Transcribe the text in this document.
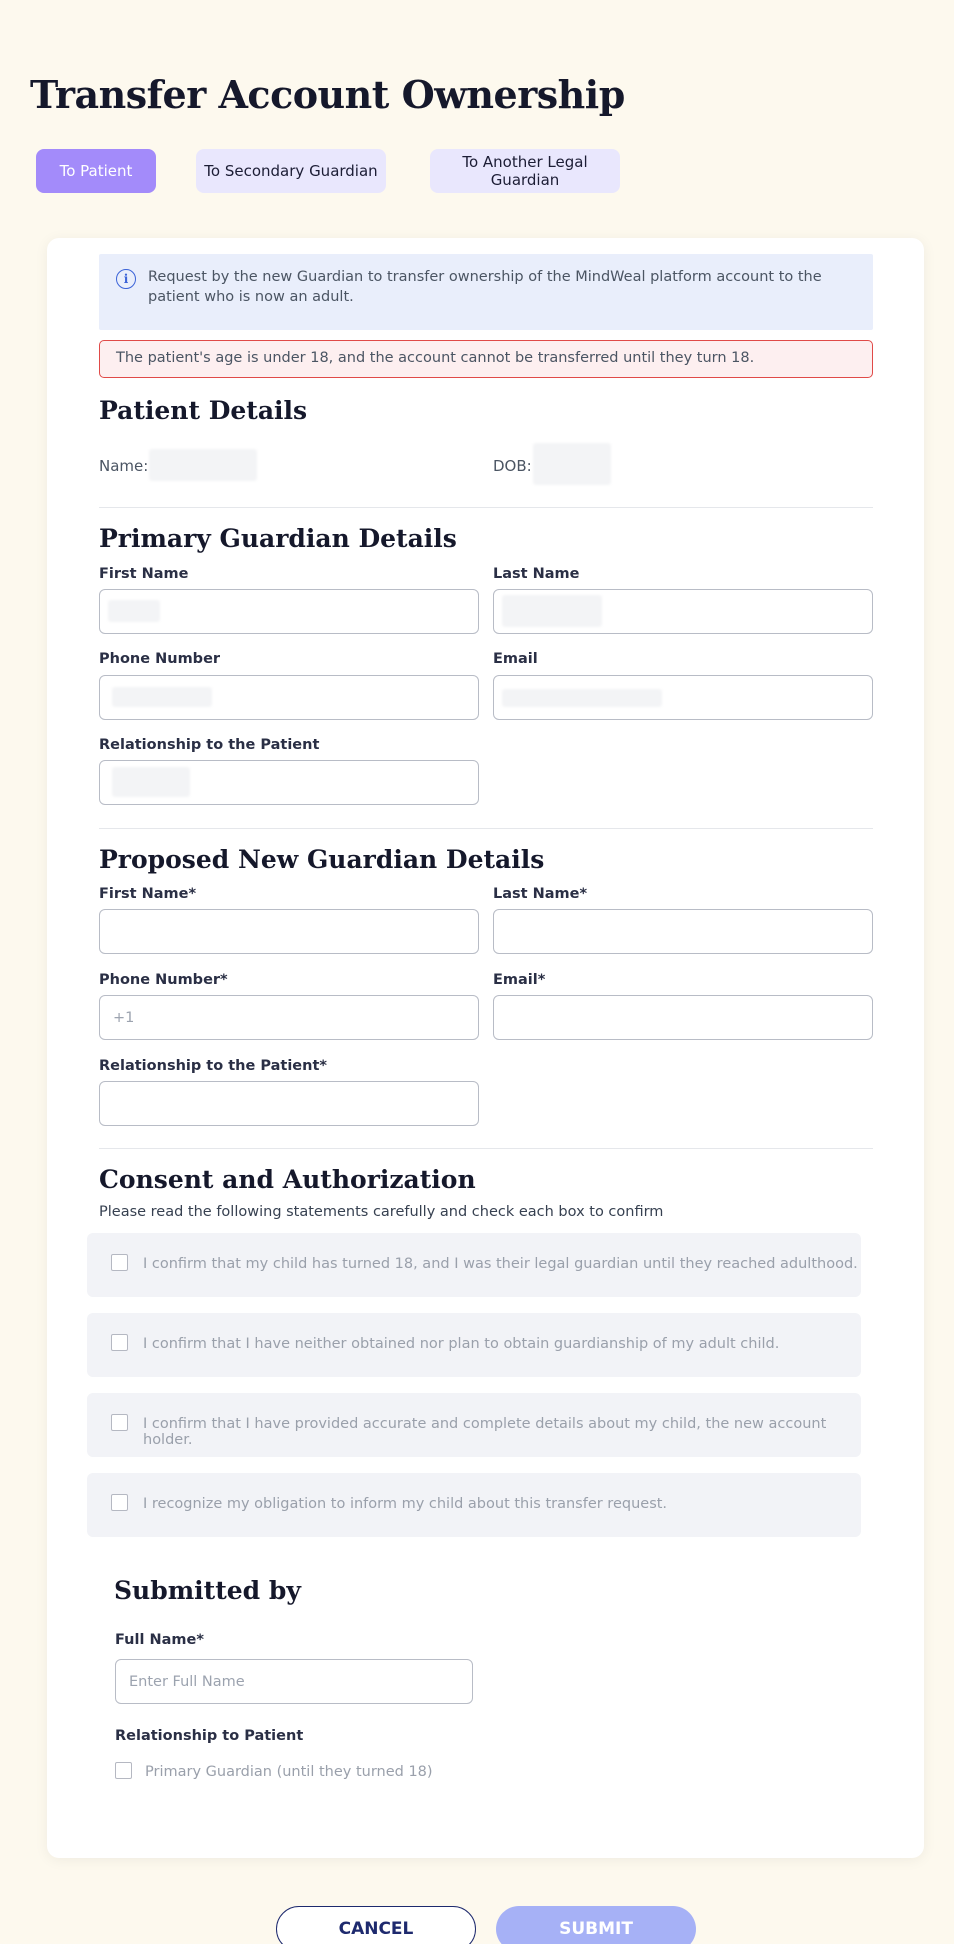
Transfer Account Ownership
To Patient	To Secondary Guardian	To Another Legal Guardian
i	Request by the new Guardian to transfer ownership of the MindWeal platform account to the patient who is now an adult.
The patient's age is under 18, and the account cannot be transferred until they turn 18.
Patient Details
Name:	DOB:
Primary Guardian Details
First Name	Last Name
Phone Number	Email
Relationship to the Patient
Proposed New Guardian Details
First Name*	Last Name*
Phone Number*	Email*
+1
Relationship to the Patient*
Consent and Authorization
Please read the following statements carefully and check each box to confirm
I confirm that my child has turned 18, and I was their legal guardian until they reached adulthood.
I confirm that I have neither obtained nor plan to obtain guardianship of my adult child.
I confirm that I have provided accurate and complete details about my child, the new account holder.
I recognize my obligation to inform my child about this transfer request.
Submitted by
Full Name*
Enter Full Name
Relationship to Patient
Primary Guardian (until they turned 18)
CANCEL	SUBMIT
